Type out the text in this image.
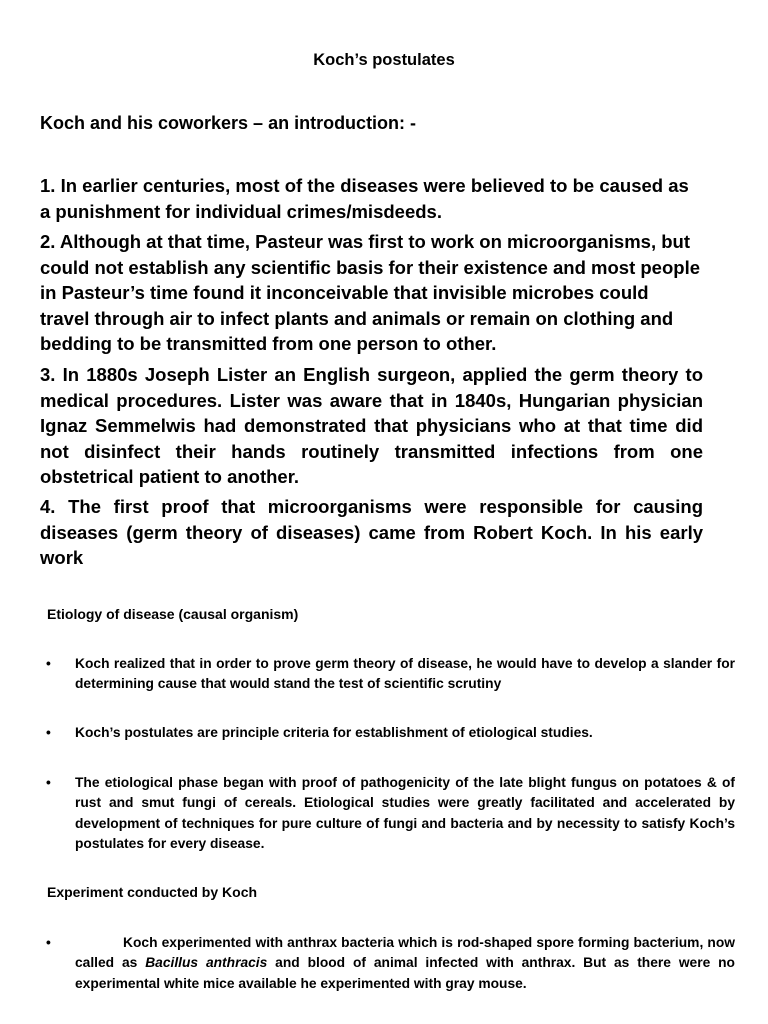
Koch’s postulates
Koch and his coworkers – an introduction: -
1. In earlier centuries, most of the diseases were believed to be caused as a punishment for individual crimes/misdeeds.
2. Although at that time, Pasteur was first to work on microorganisms, but could not establish any scientific basis for their existence and most people in Pasteur’s time found it inconceivable that invisible microbes could travel through air to infect plants and animals or remain on clothing and bedding to be transmitted from one person to other.
3. In 1880s Joseph Lister an English surgeon, applied the germ theory to medical procedures. Lister was aware that in 1840s, Hungarian physician Ignaz Semmelwis had demonstrated that physicians who at that time did not disinfect their hands routinely transmitted infections from one obstetrical patient to another.
4. The first proof that microorganisms were responsible for causing diseases (germ theory of diseases) came from Robert Koch. In his early work
Etiology of disease (causal organism)
•	Koch realized that in order to prove germ theory of disease, he would have to develop a slander for determining cause that would stand the test of scientific scrutiny
•	Koch’s postulates are principle criteria for establishment of etiological studies.
•	The etiological phase began with proof of pathogenicity of the late blight fungus on potatoes & of rust and smut fungi of cereals. Etiological studies were greatly facilitated and accelerated by development of techniques for pure culture of fungi and bacteria and by necessity to satisfy Koch’s postulates for every disease.
Experiment conducted by Koch
•	Koch experimented with anthrax bacteria which is rod-shaped spore forming bacterium, now called as Bacillus anthracis and blood of animal infected with anthrax. But as there were no experimental white mice available he experimented with gray mouse.
